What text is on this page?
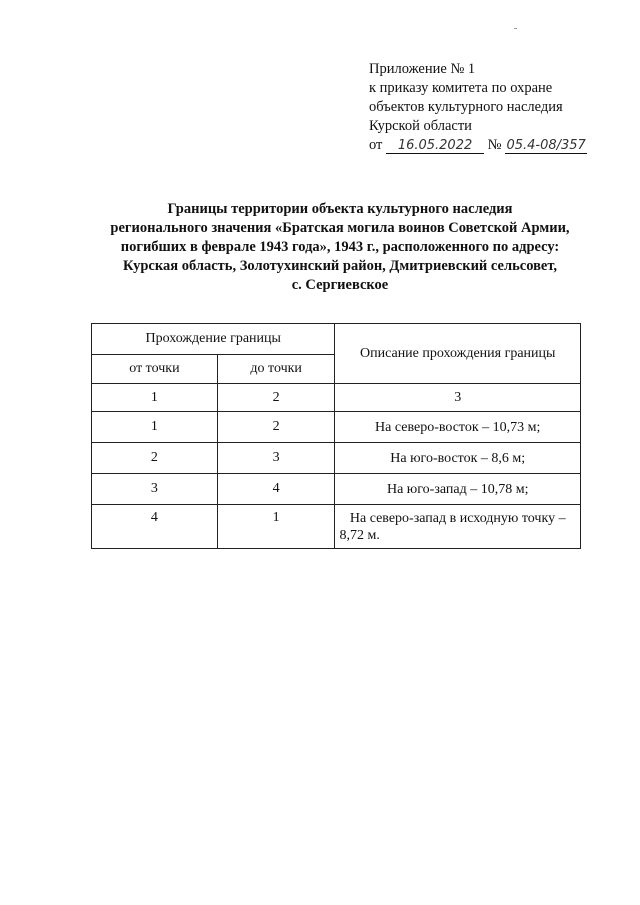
Приложение № 1
к приказу комитета по охране
объектов культурного наследия
Курской области
от 16.05.2022 № 05.4-08/357
Границы территории объекта культурного наследия
регионального значения «Братская могила воинов Советской Армии,
погибших в феврале 1943 года», 1943 г., расположенного по адресу:
Курская область, Золотухинский район, Дмитриевский сельсовет,
с. Сергиевское
Прохождение границы		Описание прохождения границы
от точки	до точки	
1	2	3
1	2	На северо-восток – 10,73 м;
2	3	На юго-восток – 8,6 м;
3	4	На юго-запад – 10,78 м;
4	1	На северо-запад в исходную точку – 8,72 м.
